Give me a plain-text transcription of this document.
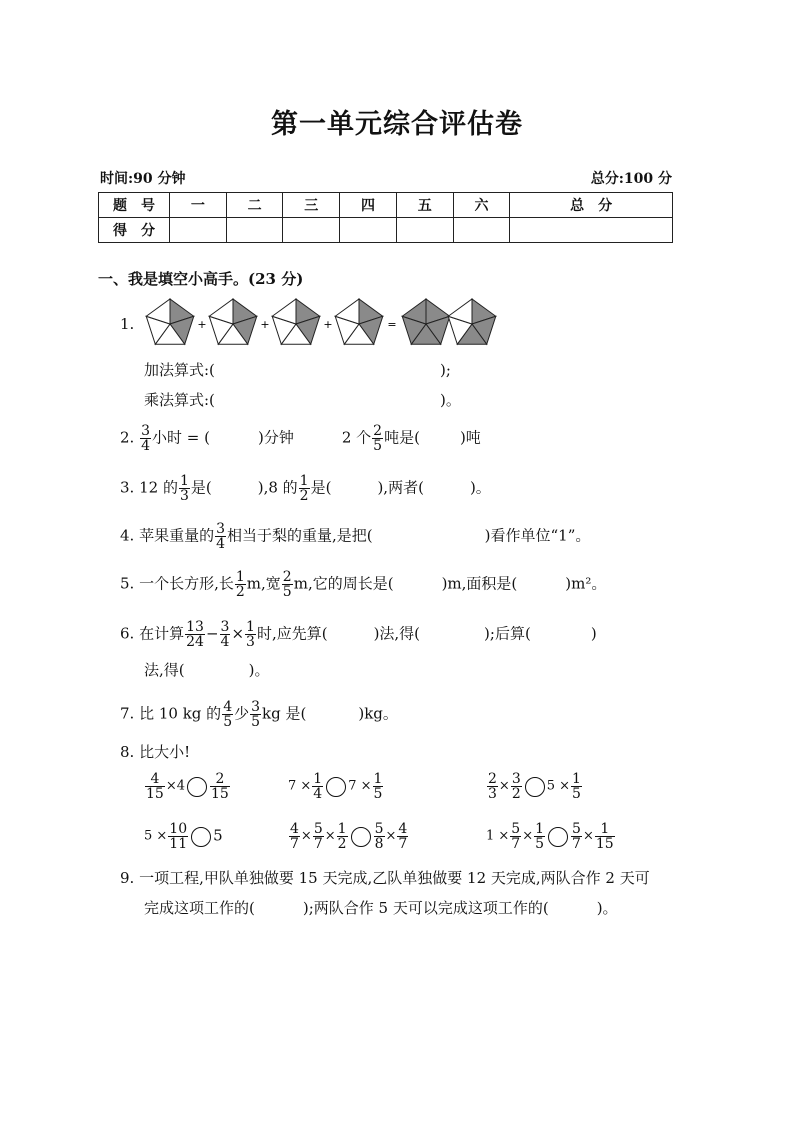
第一单元综合评估卷
时间:90 分钟	总分:100 分
题　号	一	二	三	四	五	六	总　分
得　分							
一、我是填空小高手。(23 分)
1.	+	+	+	=
加法算式:(	);
乘法算式:(	)。
2. $\frac{3}{4}$ 小时 = (	)分钟	2 个 $\frac{2}{5}$ 吨是(	)吨
3. 12 的 $\frac{1}{3}$ 是(	),8 的 $\frac{1}{2}$ 是(	),两者(	)。
4. 苹果重量的 $\frac{3}{4}$ 相当于梨的重量,是把(	)看作单位“1”。
5. 一个长方形,长 $\frac{1}{2} m$,宽 $\frac{2}{5} m$,它的周长是(	)m,面积是(	)m²。
6. 在计算 $\frac{13}{24} - \frac{3}{4} \times \frac{1}{3}$ 时,应先算(	)法,得(	);后算(	)
法,得(	)。
7. 比 10 kg 的 $\frac{4}{5}$ 少 $\frac{3}{5}$ kg 是(	)kg。
8. 比大小!
$\frac{4}{15} \times 4 \frac{2}{15}$	$7 \times \frac{1}{4} 7 \times \frac{1}{5}$	$\frac{2}{3} \times \frac{3}{2} 5 \times \frac{1}{5}$
$5 \times \frac{10}{11} 5$	$\frac{4}{7} \times \frac{5}{7} \times \frac{1}{2} \frac{5}{8} \times \frac{4}{7}$	$1 \times \frac{5}{7} \times \frac{1}{5} \frac{5}{7} \times \frac{1}{15}$
9. 一项工程,甲队单独做要 15 天完成,乙队单独做要 12 天完成,两队合作 2 天可
完成这项工作的(	);两队合作 5 天可以完成这项工作的(	)。
